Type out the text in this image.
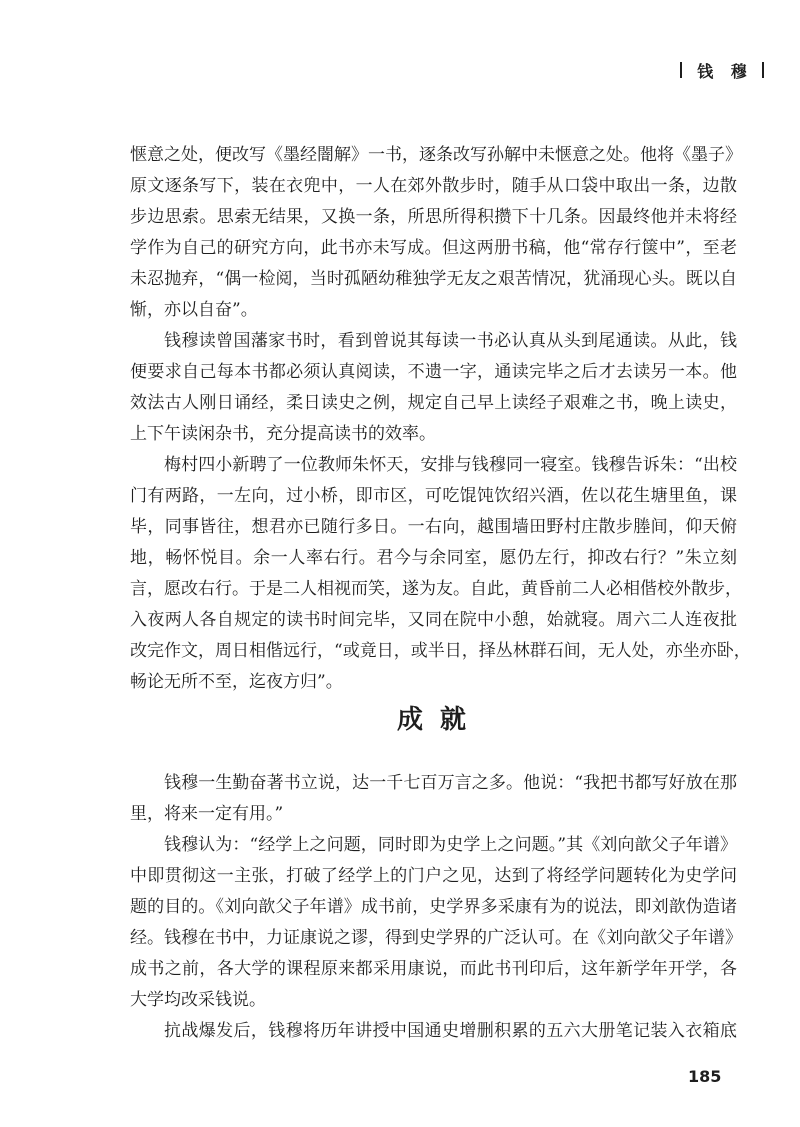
钱 穆
惬意之处，便改写《墨经闇解》一书，逐条改写孙解中未惬意之处。他将《墨子》
原文逐条写下，装在衣兜中，一人在郊外散步时，随手从口袋中取出一条，边散
步边思索。思索无结果，又换一条，所思所得积攒下十几条。因最终他并未将经
学作为自己的研究方向，此书亦未写成。但这两册书稿，他“常存行箧中”，至老
未忍抛弃，“偶一检阅，当时孤陋幼稚独学无友之艰苦情况，犹涌现心头。既以自
惭，亦以自奋”。
钱穆读曾国藩家书时，看到曾说其每读一书必认真从头到尾通读。从此，钱
便要求自己每本书都必须认真阅读，不遗一字，通读完毕之后才去读另一本。他
效法古人刚日诵经，柔日读史之例，规定自己早上读经子艰难之书，晚上读史，
上下午读闲杂书，充分提高读书的效率。
梅村四小新聘了一位教师朱怀天，安排与钱穆同一寝室。钱穆告诉朱：“出校
门有两路，一左向，过小桥，即市区，可吃馄饨饮绍兴酒，佐以花生塘里鱼，课
毕，同事皆往，想君亦已随行多日。一右向，越围墙田野村庄散步塍间，仰天俯
地，畅怀悦目。余一人率右行。君今与余同室，愿仍左行，抑改右行？”朱立刻
言，愿改右行。于是二人相视而笑，遂为友。自此，黄昏前二人必相偕校外散步，
入夜两人各自规定的读书时间完毕，又同在院中小憩，始就寝。周六二人连夜批
改完作文，周日相偕远行，“或竟日，或半日，择丛林群石间，无人处，亦坐亦卧，
畅论无所不至，迄夜方归”。
成 就
钱穆一生勤奋著书立说，达一千七百万言之多。他说：“我把书都写好放在那
里，将来一定有用。”
钱穆认为：“经学上之问题，同时即为史学上之问题。”其《刘向歆父子年谱》
中即贯彻这一主张，打破了经学上的门户之见，达到了将经学问题转化为史学问
题的目的。《刘向歆父子年谱》成书前，史学界多采康有为的说法，即刘歆伪造诸
经。钱穆在书中，力证康说之谬，得到史学界的广泛认可。在《刘向歆父子年谱》
成书之前，各大学的课程原来都采用康说，而此书刊印后，这年新学年开学，各
大学均改采钱说。
抗战爆发后，钱穆将历年讲授中国通史增删积累的五六大册笔记装入衣箱底
185
